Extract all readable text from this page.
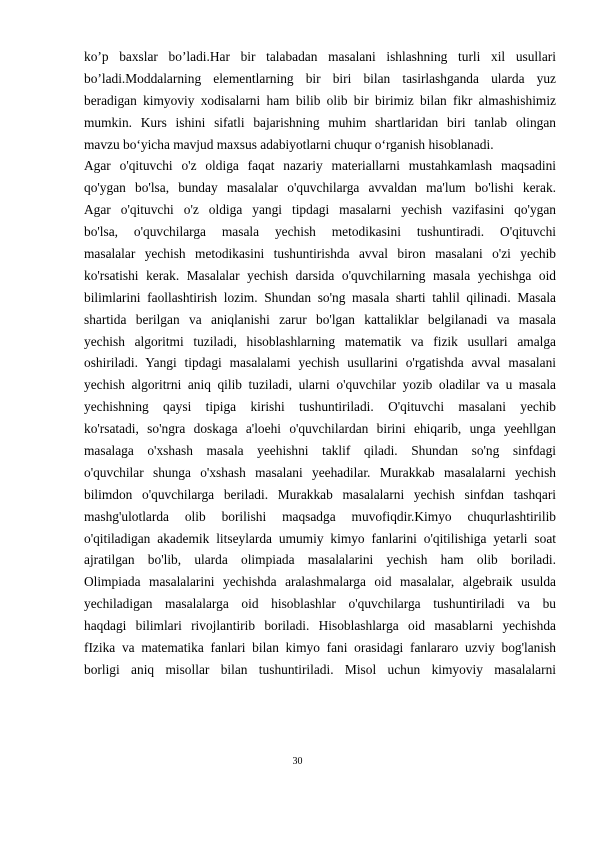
ko’p baxslar bo’ladi.Har bir talabadan masalani ishlashning turli xil usullari
bo’ladi.Moddalarning elementlarning bir biri bilan tasirlashganda ularda yuz
beradigan kimyoviy xodisalarni ham bilib olib bir birimiz bilan fikr almashishimiz
mumkin. Kurs ishini sifatli bajarishning muhim shartlaridan biri tanlab olingan
mavzu bo‘yicha mavjud maxsus adabiyotlarni chuqur o‘rganish hisoblanadi.
Agar o'qituvchi o'z oldiga faqat nazariy materiallarni mustahkamlash maqsadini
qo'ygan bo'lsa, bunday masalalar o'quvchilarga avvaldan ma'lum bo'lishi kerak.
Agar o'qituvchi o'z oldiga yangi tipdagi masalarni yechish vazifasini qo'ygan
bo'lsa, o'quvchilarga masala yechish metodikasini tushuntiradi. O'qituvchi
masalalar yechish metodikasini tushuntirishda avval biron masalani o'zi yechib
ko'rsatishi kerak. Masalalar yechish darsida o'quvchilarning masala yechishga oid
bilimlarini faollashtirish lozim. Shundan so'ng masala sharti tahlil qilinadi. Masala
shartida berilgan va aniqlanishi zarur bo'lgan kattaliklar belgilanadi va masala
yechish algoritmi tuziladi, hisoblashlarning matematik va fizik usullari amalga
oshiriladi. Yangi tipdagi masalalami yechish usullarini o'rgatishda avval masalani
yechish algoritrni aniq qilib tuziladi, ularni o'quvchilar yozib oladilar va u masala
yechishning qaysi tipiga kirishi tushuntiriladi. O'qituvchi masalani yechib
ko'rsatadi, so'ngra doskaga a'loehi o'quvchilardan birini ehiqarib, unga yeehllgan
masalaga o'xshash masala yeehishni taklif qiladi. Shundan so'ng sinfdagi
o'quvchilar shunga o'xshash masalani yeehadilar. Murakkab masalalarni yechish
bilimdon o'quvchilarga beriladi. Murakkab masalalarni yechish sinfdan tashqari
mashg'ulotlarda olib borilishi maqsadga muvofiqdir.Kimyo chuqurlashtirilib
o'qitiladigan akademik litseylarda umumiy kimyo fanlarini o'qitilishiga yetarli soat
ajratilgan bo'lib, ularda olimpiada masalalarini yechish ham olib boriladi.
Olimpiada masalalarini yechishda aralashmalarga oid masalalar, algebraik usulda
yechiladigan masalalarga oid hisoblashlar o'quvchilarga tushuntiriladi va bu
haqdagi bilimlari rivojlantirib boriladi. Hisoblashlarga oid masablarni yechishda
fIzika va matematika fanlari bilan kimyo fani orasidagi fanlararo uzviy bog'lanish
borligi aniq misollar bilan tushuntiriladi. Misol uchun kimyoviy masalalarni
30
